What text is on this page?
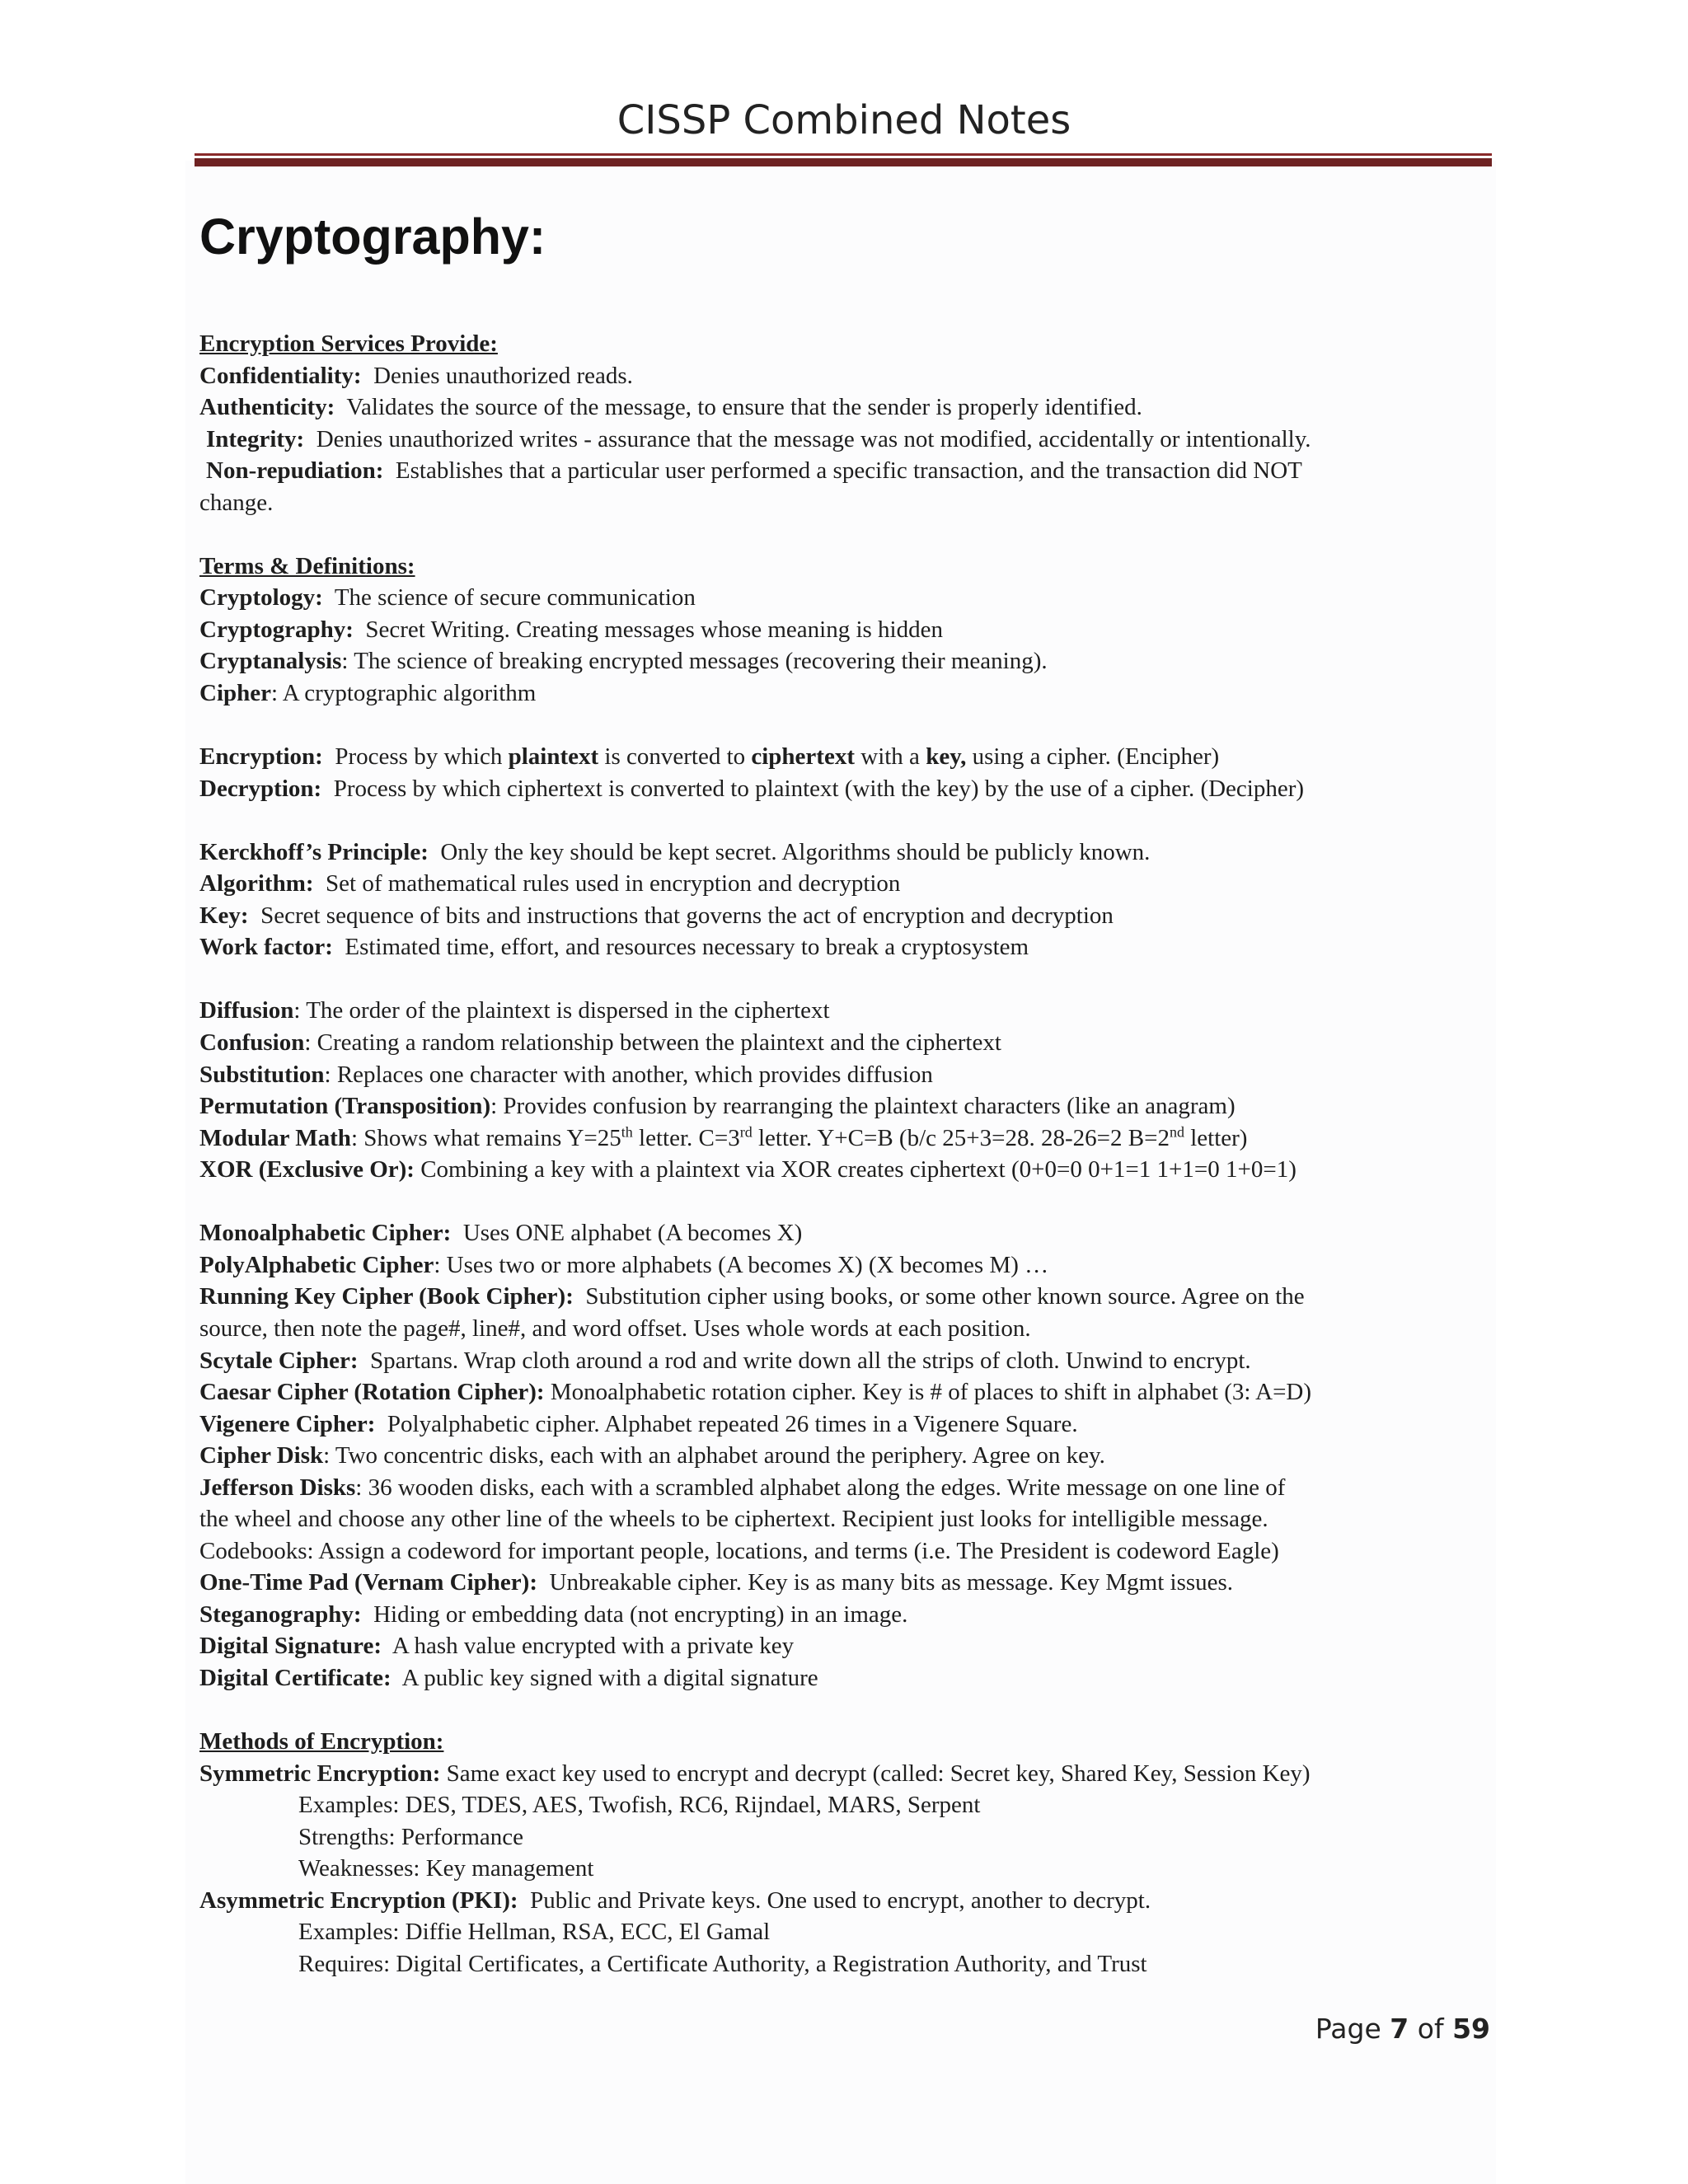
CISSP Combined Notes
Cryptography:
Encryption Services Provide:
Confidentiality: Denies unauthorized reads.
Authenticity: Validates the source of the message, to ensure that the sender is properly identified.
Integrity: Denies unauthorized writes - assurance that the message was not modified, accidentally or intentionally.
Non-repudiation: Establishes that a particular user performed a specific transaction, and the transaction did NOT
change.
Terms & Definitions:
Cryptology: The science of secure communication
Cryptography: Secret Writing. Creating messages whose meaning is hidden
Cryptanalysis: The science of breaking encrypted messages (recovering their meaning).
Cipher: A cryptographic algorithm
Encryption: Process by which plaintext is converted to ciphertext with a key, using a cipher. (Encipher)
Decryption: Process by which ciphertext is converted to plaintext (with the key) by the use of a cipher. (Decipher)
Kerckhoff’s Principle: Only the key should be kept secret. Algorithms should be publicly known.
Algorithm: Set of mathematical rules used in encryption and decryption
Key: Secret sequence of bits and instructions that governs the act of encryption and decryption
Work factor: Estimated time, effort, and resources necessary to break a cryptosystem
Diffusion: The order of the plaintext is dispersed in the ciphertext
Confusion: Creating a random relationship between the plaintext and the ciphertext
Substitution: Replaces one character with another, which provides diffusion
Permutation (Transposition): Provides confusion by rearranging the plaintext characters (like an anagram)
Modular Math: Shows what remains Y=25th letter. C=3rd letter. Y+C=B (b/c 25+3=28. 28-26=2 B=2nd letter)
XOR (Exclusive Or): Combining a key with a plaintext via XOR creates ciphertext (0+0=0 0+1=1 1+1=0 1+0=1)
Monoalphabetic Cipher: Uses ONE alphabet (A becomes X)
PolyAlphabetic Cipher: Uses two or more alphabets (A becomes X) (X becomes M) …
Running Key Cipher (Book Cipher): Substitution cipher using books, or some other known source. Agree on the
source, then note the page#, line#, and word offset. Uses whole words at each position.
Scytale Cipher: Spartans. Wrap cloth around a rod and write down all the strips of cloth. Unwind to encrypt.
Caesar Cipher (Rotation Cipher): Monoalphabetic rotation cipher. Key is # of places to shift in alphabet (3: A=D)
Vigenere Cipher: Polyalphabetic cipher. Alphabet repeated 26 times in a Vigenere Square.
Cipher Disk: Two concentric disks, each with an alphabet around the periphery. Agree on key.
Jefferson Disks: 36 wooden disks, each with a scrambled alphabet along the edges. Write message on one line of
the wheel and choose any other line of the wheels to be ciphertext. Recipient just looks for intelligible message.
Codebooks: Assign a codeword for important people, locations, and terms (i.e. The President is codeword Eagle)
One-Time Pad (Vernam Cipher): Unbreakable cipher. Key is as many bits as message. Key Mgmt issues.
Steganography: Hiding or embedding data (not encrypting) in an image.
Digital Signature: A hash value encrypted with a private key
Digital Certificate: A public key signed with a digital signature
Methods of Encryption:
Symmetric Encryption: Same exact key used to encrypt and decrypt (called: Secret key, Shared Key, Session Key)
Examples: DES, TDES, AES, Twofish, RC6, Rijndael, MARS, Serpent
Strengths: Performance
Weaknesses: Key management
Asymmetric Encryption (PKI): Public and Private keys. One used to encrypt, another to decrypt.
Examples: Diffie Hellman, RSA, ECC, El Gamal
Requires: Digital Certificates, a Certificate Authority, a Registration Authority, and Trust
Page 7 of 59
